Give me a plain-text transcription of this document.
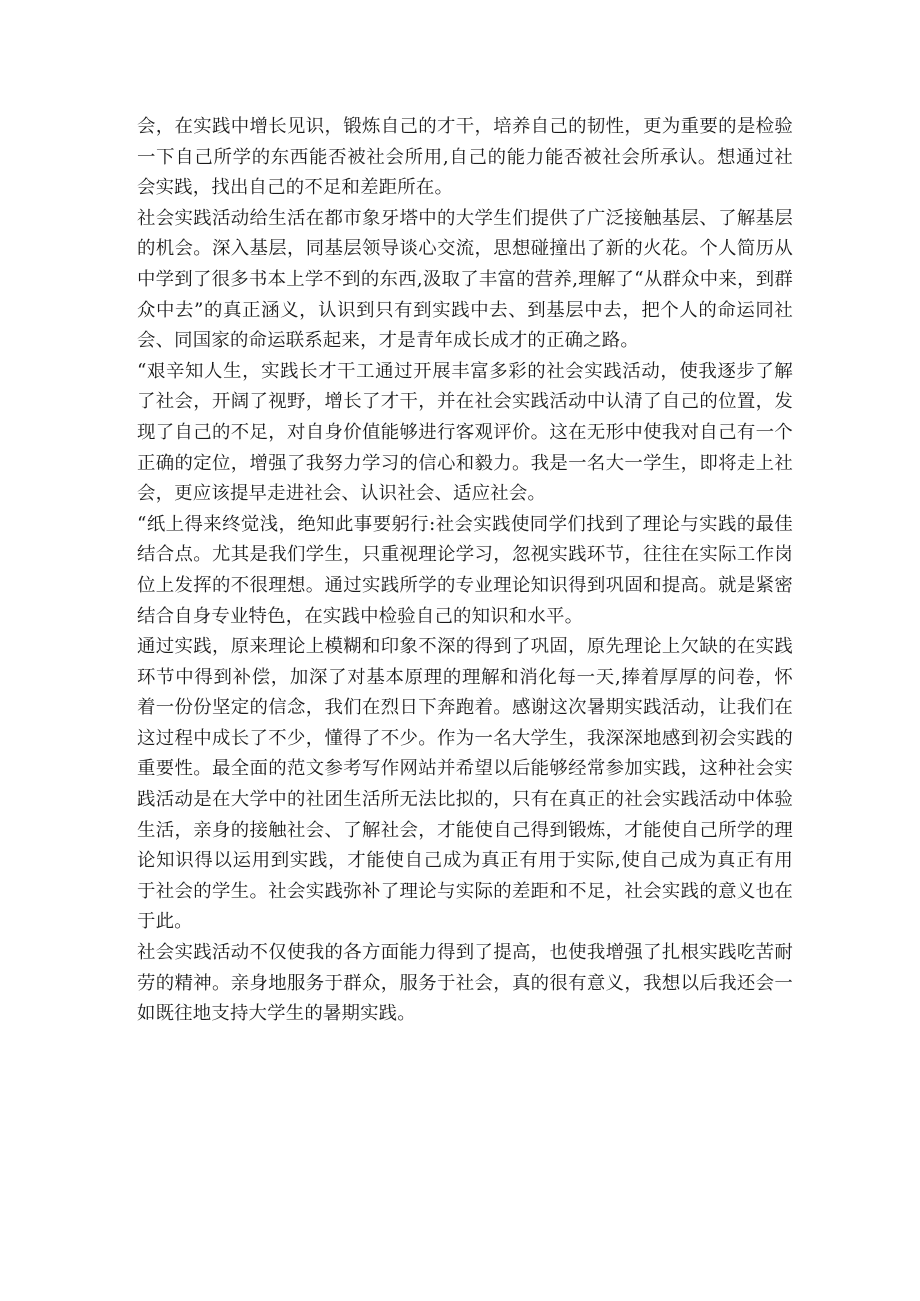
会，在实践中增长见识，锻炼自己的才干，培养自己的韧性，更为重要的是检验一下自己所学的东西能否被社会所用,自己的能力能否被社会所承认。想通过社会实践，找出自己的不足和差距所在。

社会实践活动给生活在都市象牙塔中的大学生们提供了广泛接触基层、了解基层的机会。深入基层，同基层领导谈心交流，思想碰撞出了新的火花。个人简历从中学到了很多书本上学不到的东西,汲取了丰富的营养,理解了“从群众中来，到群众中去”的真正涵义，认识到只有到实践中去、到基层中去，把个人的命运同社会、同国家的命运联系起来，才是青年成长成才的正确之路。

“艰辛知人生，实践长才干工通过开展丰富多彩的社会实践活动，使我逐步了解了社会，开阔了视野，增长了才干，并在社会实践活动中认清了自己的位置，发现了自己的不足，对自身价值能够进行客观评价。这在无形中使我对自己有一个正确的定位，增强了我努力学习的信心和毅力。我是一名大一学生，即将走上社会，更应该提早走进社会、认识社会、适应社会。

“纸上得来终觉浅，绝知此事要躬行:社会实践使同学们找到了理论与实践的最佳结合点。尤其是我们学生，只重视理论学习，忽视实践环节，往往在实际工作岗位上发挥的不很理想。通过实践所学的专业理论知识得到巩固和提高。就是紧密结合自身专业特色，在实践中检验自己的知识和水平。

通过实践，原来理论上模糊和印象不深的得到了巩固，原先理论上欠缺的在实践环节中得到补偿，加深了对基本原理的理解和消化每一天,捧着厚厚的问卷，怀着一份份坚定的信念，我们在烈日下奔跑着。感谢这次暑期实践活动，让我们在这过程中成长了不少，懂得了不少。作为一名大学生，我深深地感到初会实践的重要性。最全面的范文参考写作网站并希望以后能够经常参加实践，这种社会实践活动是在大学中的社团生活所无法比拟的，只有在真正的社会实践活动中体验生活，亲身的接触社会、了解社会，才能使自己得到锻炼，才能使自己所学的理论知识得以运用到实践，才能使自己成为真正有用于实际,使自己成为真正有用于社会的学生。社会实践弥补了理论与实际的差距和不足，社会实践的意义也在于此。

社会实践活动不仅使我的各方面能力得到了提高，也使我增强了扎根实践吃苦耐劳的精神。亲身地服务于群众，服务于社会，真的很有意义，我想以后我还会一如既往地支持大学生的暑期实践。
